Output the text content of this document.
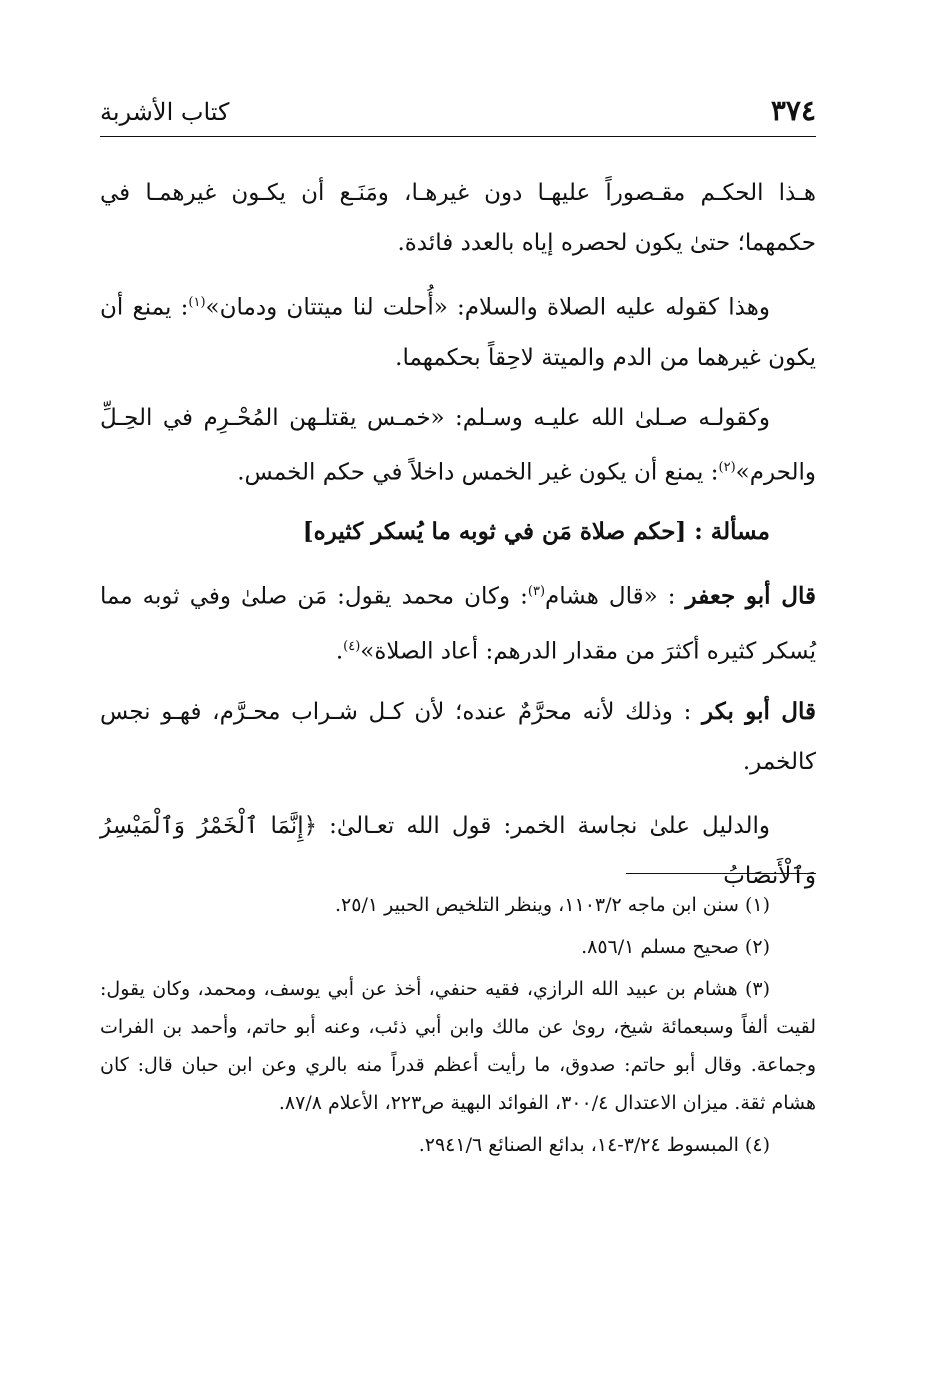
٣٧٤
كتاب الأشربة

هـذا الحكـم مقـصوراً عليهـا دون غيرهـا، ومَنَـع أن يكـون غيرهمـا في حكمهما؛ حتىٰ يكون لحصره إياه بالعدد فائدة.

وهذا كقوله عليه الصلاة والسلام: «أُحلت لنا ميتتان ودمان»$^{(١)}$: يمنع أن يكون غيرهما من الدم والميتة لاحِقاً بحكمهما.

وكقولـه صـلىٰ الله عليـه وسـلم: «خمـس يقتلـهن المُحْـرِم في الحِـلِّ والحرم»$^{(٢)}$: يمنع أن يكون غير الخمس داخلاً في حكم الخمس.

مسألة : [حكم صلاة مَن في ثوبه ما يُسكر كثيره]

قال أبو جعفر : «قال هشام$^{(٣)}$: وكان محمد يقول: مَن صلىٰ وفي ثوبه مما يُسكر كثيره أكثرَ من مقدار الدرهم: أعاد الصلاة»$^{(٤)}$.

قال أبو بكر : وذلك لأنه محرَّمٌ عنده؛ لأن كـل شـراب محـرَّم، فهـو نجس كالخمر.

والدليل علىٰ نجاسة الخمر: قول الله تعـالىٰ: ﴿إِنَّمَا ٱلْخَمْرُ وَٱلْمَيْسِرُ وَٱلْأَنصَابُ

(١) سنن ابن ماجه ١١٠٣/٢، وينظر التلخيص الحبير ٢٥/١.

(٢) صحيح مسلم ٨٥٦/١.

(٣) هشام بن عبيد الله الرازي، فقيه حنفي، أخذ عن أبي يوسف، ومحمد، وكان يقول: لقيت ألفاً وسبعمائة شيخ، روىٰ عن مالك وابن أبي ذئب، وعنه أبو حاتم، وأحمد بن الفرات وجماعة. وقال أبو حاتم: صدوق، ما رأيت أعظم قدراً منه بالري وعن ابن حبان قال: كان هشام ثقة. ميزان الاعتدال ٣٠٠/٤، الفوائد البهية ص٢٢٣، الأعلام ٨٧/٨.

(٤) المبسوط ٣/٢٤-١٤، بدائع الصنائع ٢٩٤١/٦.
